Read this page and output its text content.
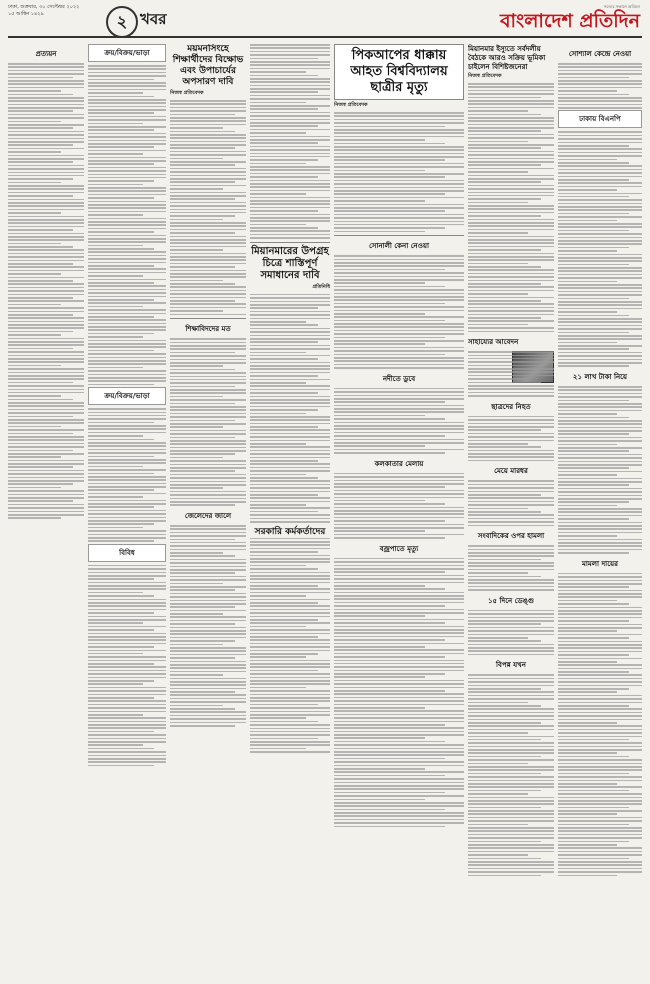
ঢাকা, শুক্রবার, ৩০ সেপ্টেম্বর ২০২২
১৫ আশ্বিন ১৪২৯	২ খবর
সত্যের সন্ধানে অবিচল
বাংলাদেশ প্রতিদিন
প্রত্যয়ন	ক্রয়/বিক্রয়/ভাড়া
ক্রয়/বিক্রয়/ভাড়া
বিবিধ
ময়মনসিংহে শিক্ষার্থীদের বিক্ষোভ এবং উপাচার্যের অপসারণ দাবি
নিজস্ব প্রতিবেদক
শিক্ষাবিদদের মত
জেলেদের জালে
মিয়ানমারের উপগ্রহ চিত্রে শাস্তিপূর্ণ সমাধানের দাবি
প্রতিনিধি
সরকারি কর্মকর্তাদের
পিকআপের ধাক্কায় আহত বিশ্ববিদ্যালয় ছাত্রীর মৃত্যু
নিজস্ব প্রতিবেদক
সোনালী কেনা নেওয়া
নদীতে ডুবে
কলকাতার মেলায়
বজ্রপাতে মৃত্যু
মিয়ানমার ইস্যুতে সর্বদলীয় বৈঠকে আরও সক্রিয় ভূমিকা চাইলেন বিশিষ্টজনেরা
নিজস্ব প্রতিবেদক
সাহায্যের আবেদন
ছাত্রদের নিহত
মেয়ে মারধর
সংবাদিকের ওপর হামলা
১৫ দিনে ডেঙ্গু
বিপন্ন যখন
সোশ্যাল কেন্দ্রে নেওয়া
ঢাকায় বিএনপি
২১ লাখ টাকা নিয়ে
মামলা দায়ের
